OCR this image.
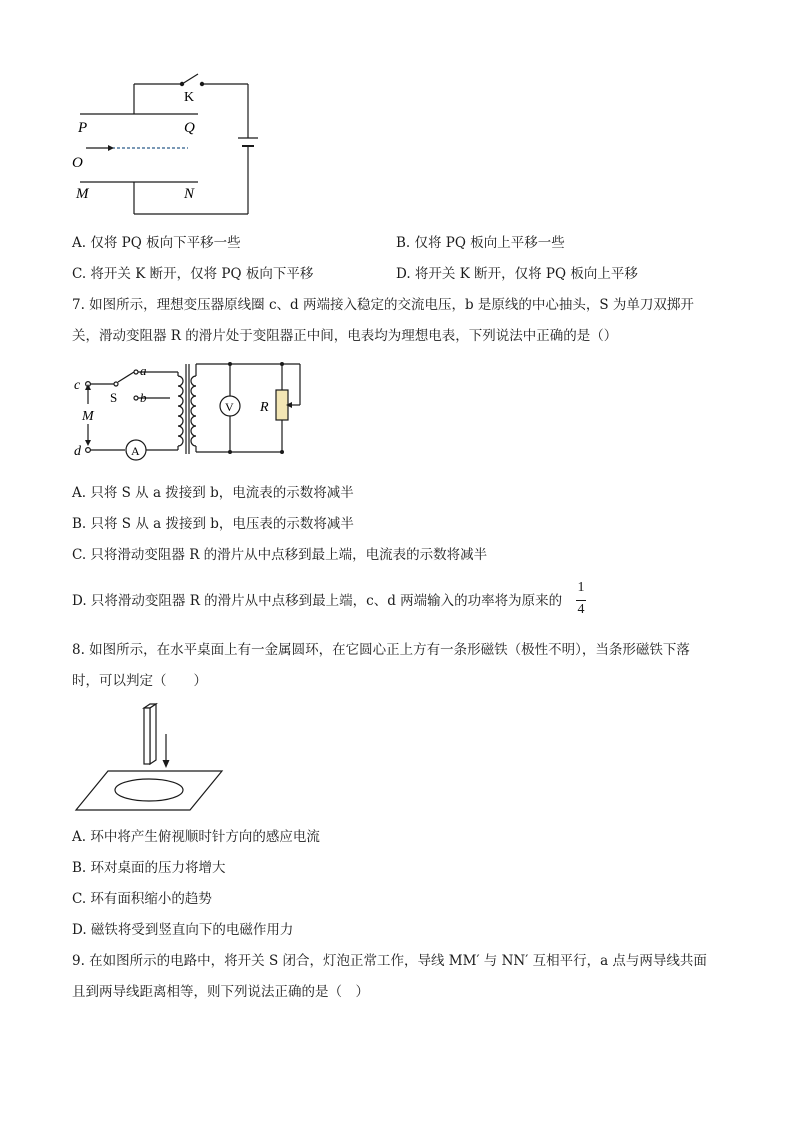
K
P	Q
O
M	N
A. 仅将 PQ 板向下平移一些	B. 仅将 PQ 板向上平移一些
C. 将开关 K 断开，仅将 PQ 板向下平移	D. 将开关 K 断开，仅将 PQ 板向上平移
7. 如图所示，理想变压器原线圈 c、d 两端接入稳定的交流电压，b 是原线的中心抽头，S 为单刀双掷开
关，滑动变阻器 R 的滑片处于变阻器正中间，电表均为理想电表，下列说法中正确的是（）
c
d
a
b
S
M
A
V R
A. 只将 S 从 a 拨接到 b，电流表的示数将减半
B. 只将 S 从 a 拨接到 b，电压表的示数将减半
C. 只将滑动变阻器 R 的滑片从中点移到最上端，电流表的示数将减半
D. 只将滑动变阻器 R 的滑片从中点移到最上端，c、d 两端输入的功率将为原来的
1
4
8. 如图所示，在水平桌面上有一金属圆环，在它圆心正上方有一条形磁铁（极性不明），当条形磁铁下落
时，可以判定（　　）
A. 环中将产生俯视顺时针方向的感应电流
B. 环对桌面的压力将增大
C. 环有面积缩小的趋势
D. 磁铁将受到竖直向下的电磁作用力
9. 在如图所示的电路中，将开关 S 闭合，灯泡正常工作，导线 MM′ 与 NN′ 互相平行，a 点与两导线共面
且到两导线距离相等，则下列说法正确的是（　）
